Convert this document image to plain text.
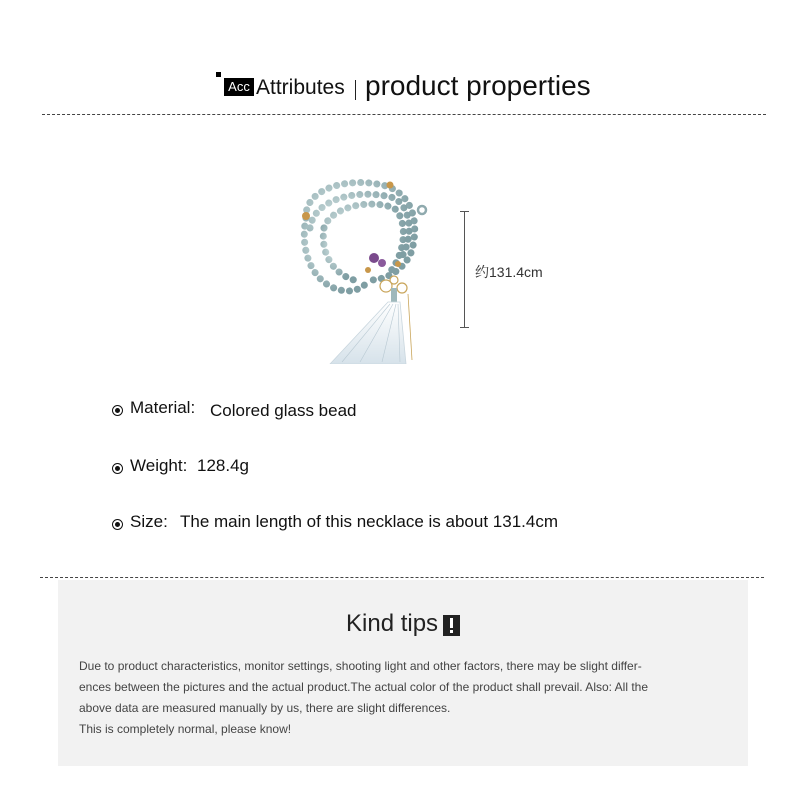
Acc Attributes product properties
约131.4cm
Material: Colored glass bead
Weight: 128.4g
Size: The main length of this necklace is about 131.4cm
Kind tips
Due to product characteristics, monitor settings, shooting light and other factors, there may be slight differ-
ences between the pictures and the actual product.The actual color of the product shall prevail. Also: All the
above data are measured manually by us, there are slight differences.
This is completely normal, please know!
